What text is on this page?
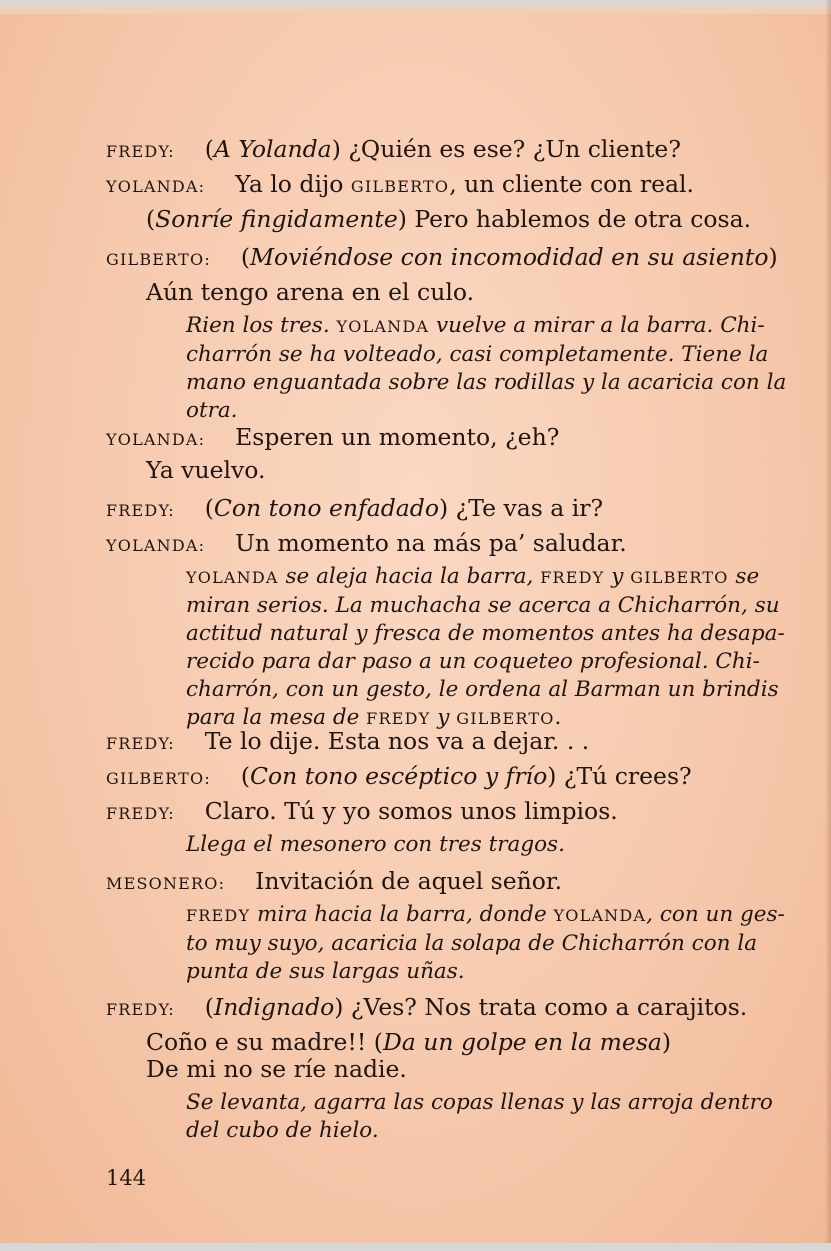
FREDY: (A Yolanda) ¿Quién es ese? ¿Un cliente?
YOLANDA: Ya lo dijo GILBERTO, un cliente con real.
(Sonríe fingidamente) Pero hablemos de otra cosa.
GILBERTO: (Moviéndose con incomodidad en su asiento)
Aún tengo arena en el culo.
Rien los tres. YOLANDA vuelve a mirar a la barra. Chi-
charrón se ha volteado, casi completamente. Tiene la
mano enguantada sobre las rodillas y la acaricia con la
otra.
YOLANDA: Esperen un momento, ¿eh?
Ya vuelvo.
FREDY: (Con tono enfadado) ¿Te vas a ir?
YOLANDA: Un momento na más pa’ saludar.
YOLANDA se aleja hacia la barra, FREDY y GILBERTO se
miran serios. La muchacha se acerca a Chicharrón, su
actitud natural y fresca de momentos antes ha desapa-
recido para dar paso a un coqueteo profesional. Chi-
charrón, con un gesto, le ordena al Barman un brindis
para la mesa de FREDY y GILBERTO.
FREDY: Te lo dije. Esta nos va a dejar. . .
GILBERTO: (Con tono escéptico y frío) ¿Tú crees?
FREDY: Claro. Tú y yo somos unos limpios.
Llega el mesonero con tres tragos.
MESONERO: Invitación de aquel señor.
FREDY mira hacia la barra, donde YOLANDA, con un ges-
to muy suyo, acaricia la solapa de Chicharrón con la
punta de sus largas uñas.
FREDY: (Indignado) ¿Ves? Nos trata como a carajitos.
Coño e su madre!! (Da un golpe en la mesa)
De mi no se ríe nadie.
Se levanta, agarra las copas llenas y las arroja dentro
del cubo de hielo.
144
